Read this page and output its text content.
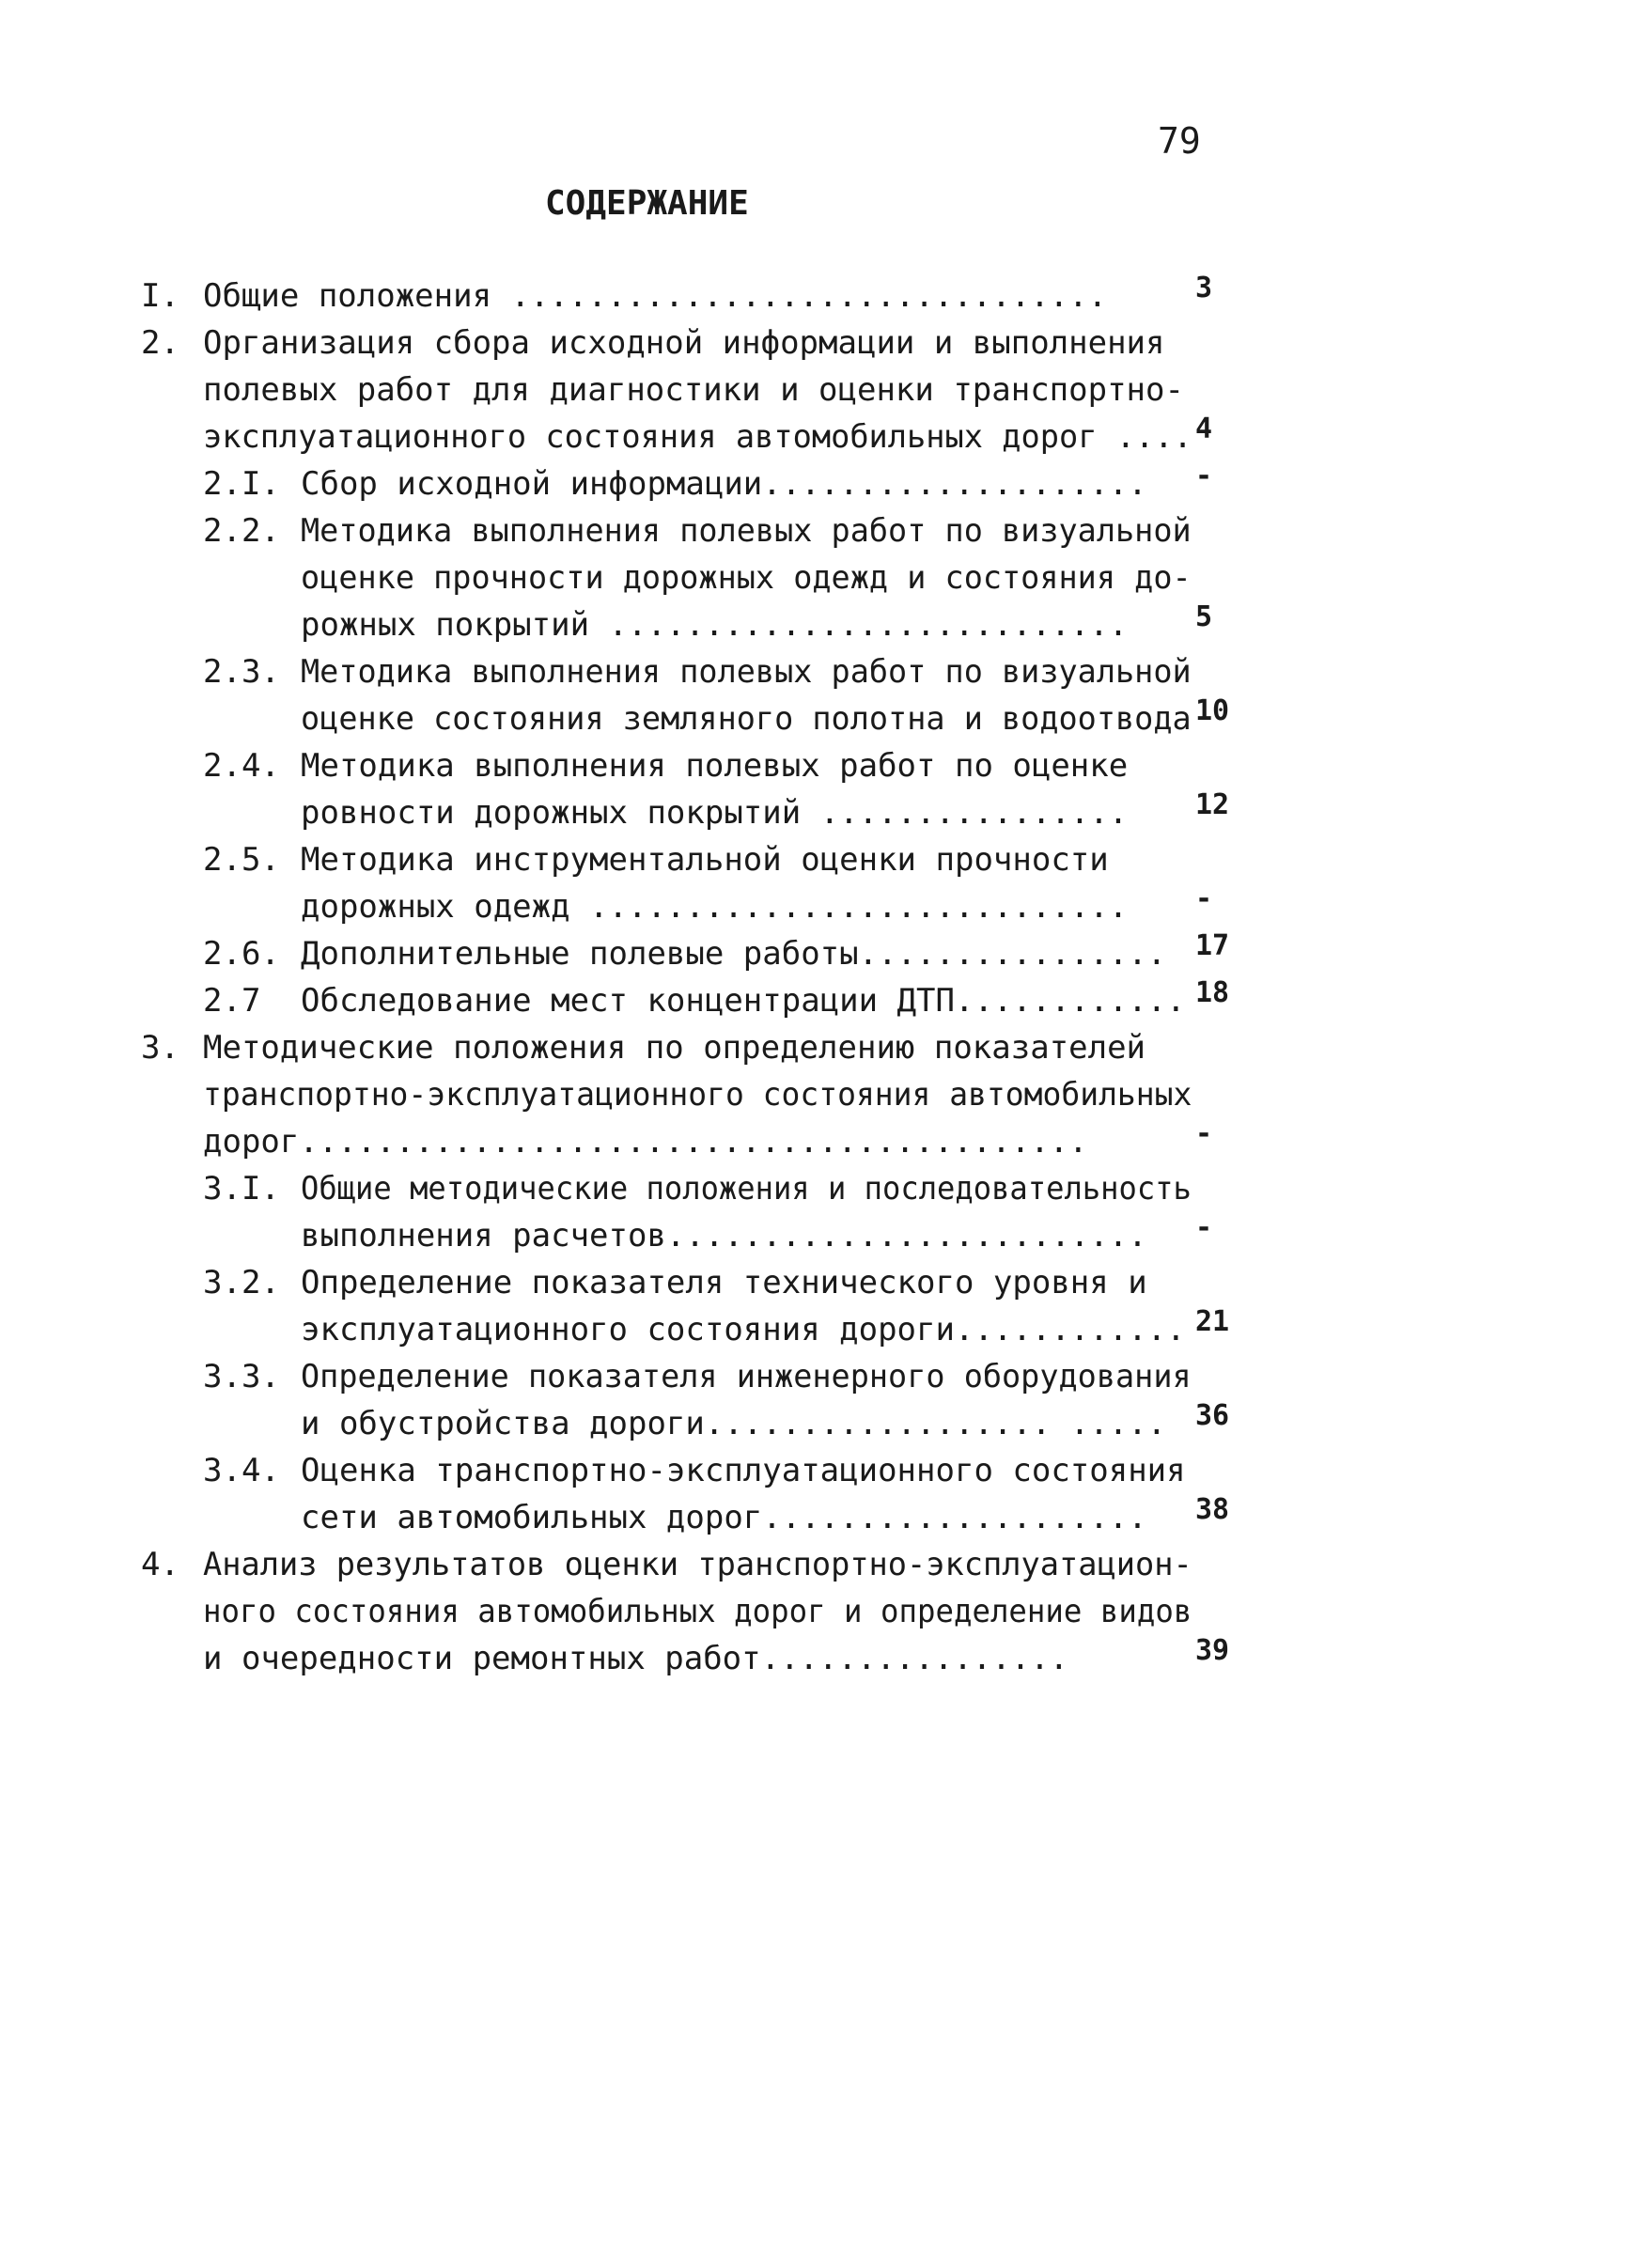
79
СОДЕРЖАНИЕ
I. Общие положения ...............................	3
2. Организация сбора исходной информации и выполнения
полевых работ для диагностики и оценки транспортно-
эксплуатационного состояния автомобильных дорог .... 4
2.I. Сбор исходной информации.................... -
2.2. Методика выполнения полевых работ по визуальной
оценке прочности дорожных одежд и состояния до-
рожных покрытий ........................... 5
2.3. Методика выполнения полевых работ по визуальной
оценке состояния земляного полотна и водоотвода 10
2.4. Методика выполнения полевых работ по оценке
ровности дорожных покрытий ................ 12
2.5. Методика инструментальной оценки прочности
дорожных одежд ............................ -
2.6. Дополнительные полевые работы................ 17
2.7 Обследование мест концентрации ДТП............ 18
3. Методические положения по определению показателей
транспортно-эксплуатационного состояния автомобильных
дорог.........................................	-
3.I. Общие методические положения и последовательность
выполнения расчетов......................... -
3.2. Определение показателя технического уровня и
эксплуатационного состояния дороги............ 21
3.3. Определение показателя инженерного оборудования
и обустройства дороги.................. ..... 36
3.4. Оценка транспортно-эксплуатационного состояния
сети автомобильных дорог.................... 38
4. Анализ результатов оценки транспортно-эксплуатацион-
ного состояния автомобильных дорог и определение видов
и очередности ремонтных работ................	39
